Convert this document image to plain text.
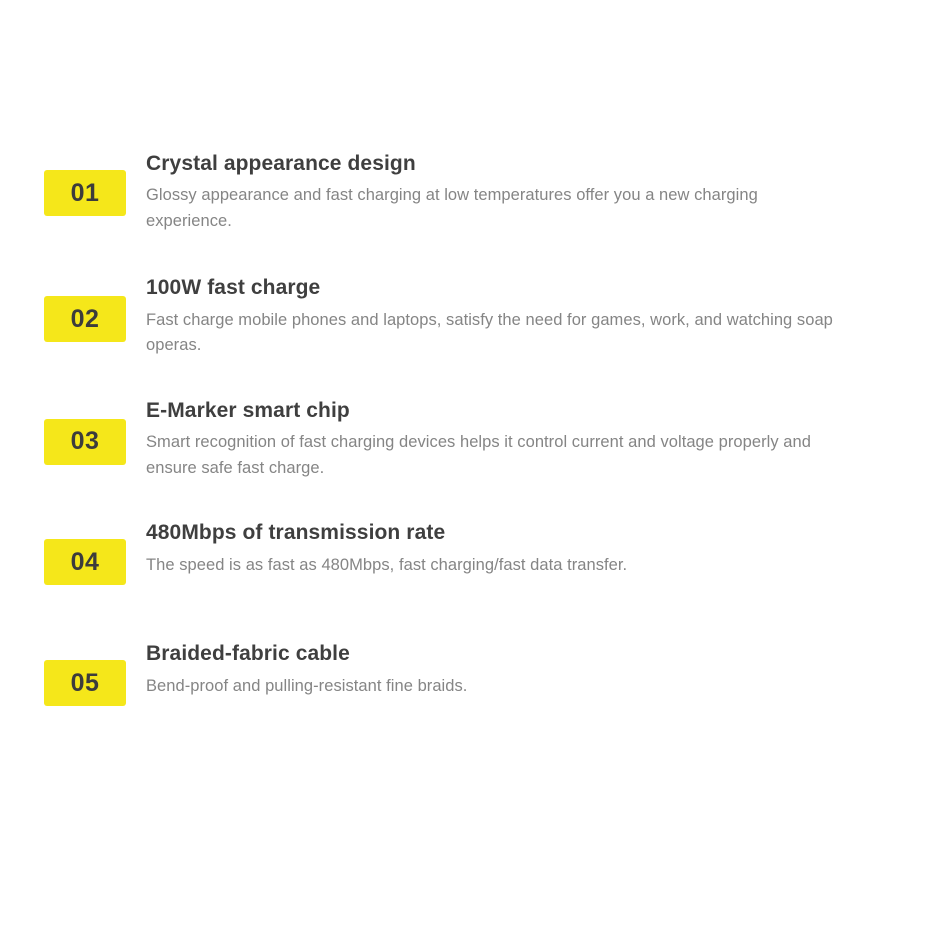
01

Crystal appearance design

Glossy appearance and fast charging at low temperatures offer you a new charging experience.

02

100W fast charge

Fast charge mobile phones and laptops, satisfy the need for games, work, and watching soap operas.

03

E-Marker smart chip

Smart recognition of fast charging devices helps it control current and voltage properly and ensure safe fast charge.

04

480Mbps of transmission rate

The speed is as fast as 480Mbps, fast charging/fast data transfer.

05

Braided-fabric cable

Bend-proof and pulling-resistant fine braids.
